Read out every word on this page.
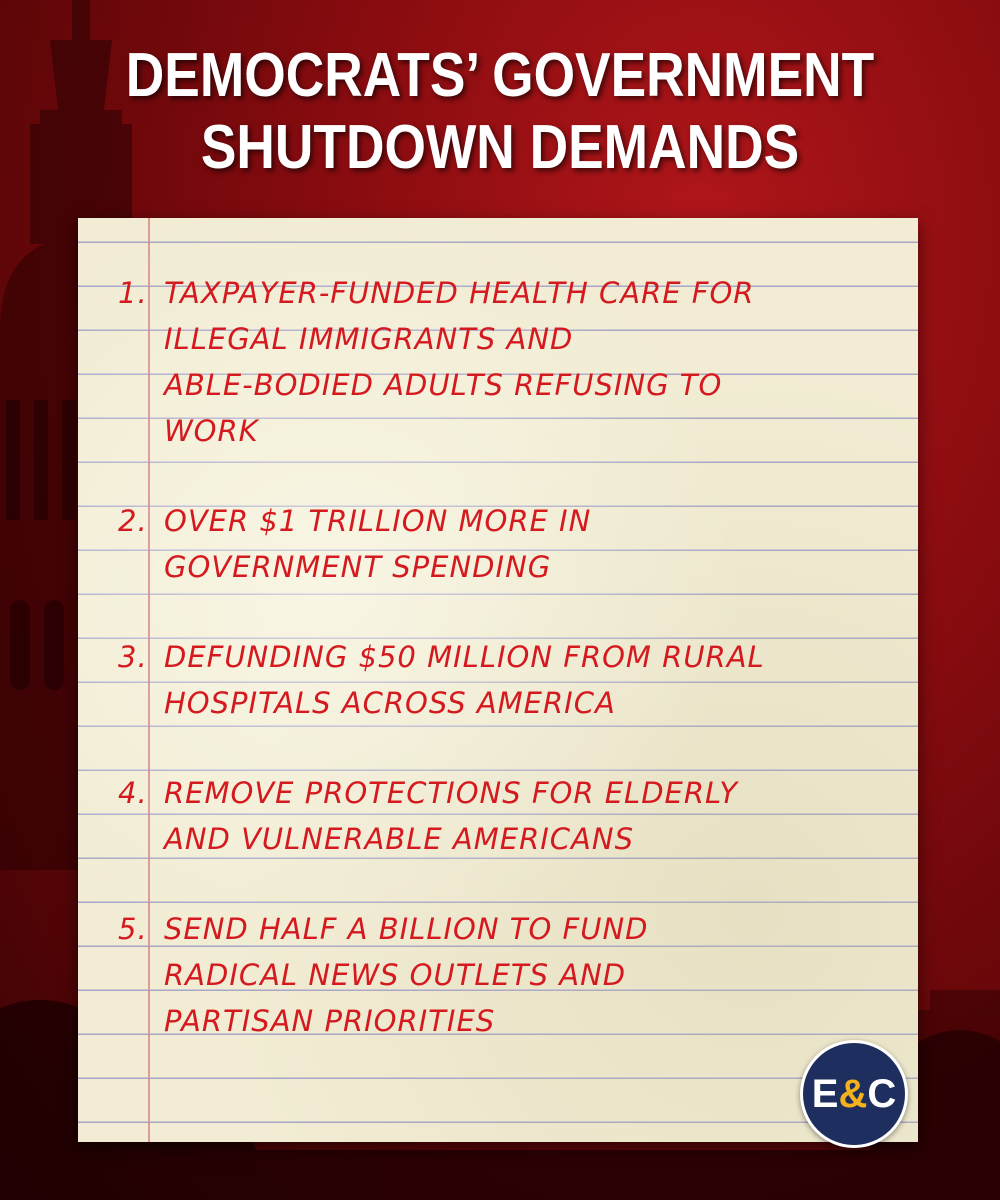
DEMOCRATS’ GOVERNMENT
SHUTDOWN DEMANDS
1. TAXPAYER-FUNDED HEALTH CARE FOR
ILLEGAL IMMIGRANTS AND
ABLE-BODIED ADULTS REFUSING TO
WORK
2. OVER $1 TRILLION MORE IN
GOVERNMENT SPENDING
3. DEFUNDING $50 MILLION FROM RURAL
HOSPITALS ACROSS AMERICA
4. REMOVE PROTECTIONS FOR ELDERLY
AND VULNERABLE AMERICANS
5. SEND HALF A BILLION TO FUND
RADICAL NEWS OUTLETS AND
PARTISAN PRIORITIES
E & C
